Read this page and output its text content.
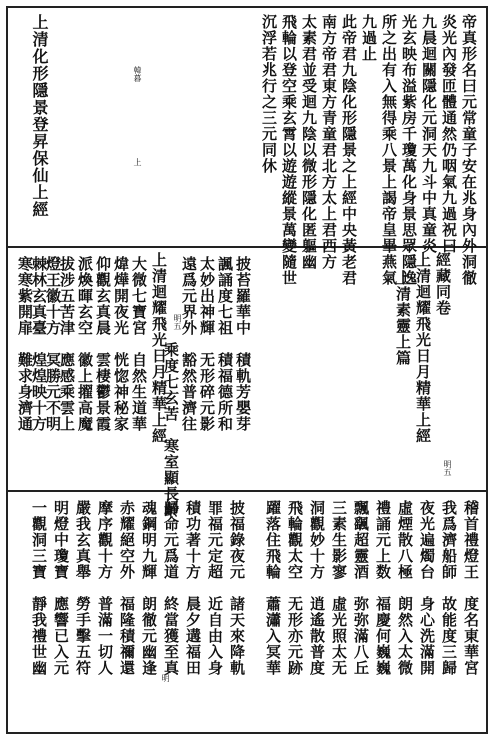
帝真形名曰元常童子安在兆身內外洞徹
炎光內發匝體通然仍咽氣九過祝曰
九晨迴關隱化元洞天九斗中真童炎
光玄映布溢紫房千瓊萬化身景思眾隱逸
所之出有入無得乘八景上謁帝皇畢燕氣
九過止
此帝君九陰化形隱景之上經中央黃老君
南方帝君東方青童君北方太上君西方
太素君並受迴九陰以微形隱化匿軀幽
飛輪以登空乘玄霄以遊遊縱景萬變隨世
沉浮若兆行之三元同休
韓暮
上
上清化形隱景登昇保仙上經
經藏同卷
上清迴耀飛光日月精華上經
上清素靈上篇
明五
上清迴耀飛光日月精華上經 明五
大微七寶宮　自然生道華
煒燁開夜光　恍惚神秘家
仰觀玄真晨　雲棲鬱景霞
派煥暉玄空　徽上擢高魔	披苔羅華中　積軌芳嬰芽
諷誦度七祖　積福德所和
太妙出神輝　无形碎元影
遠爲元界外　豁然普濟往
乘度七玄苦　寒室顯長齡
拔涉五苦津　應感乘雲上
燈王徽十方　冥勝元不明
棘林玄真臺　煌煌映十方
寒寒紫開扉　難求身濟通
稽首禮燈王　度名東華宮
我爲濟船師　故能度三歸
夜光遍燭台　身心洗滿開
虛煙散八極　朗然入太微
禮誦元上数　福慶何巍巍
飄颻超靈酒　弥弥滿八丘
三素生影寥　虛光照太无
洞觀妙十方　逍遙散普度
飛輪觀太空　无形亦元跡
躍落住飛輪　蕭瀟入冥華
披福錄夜元　諸天來降軌
罪福元定超　近自由入身
積功著十方　晨夕遘福田
歸命元爲道　終當獲至真
魂鋼明九輝　朗徹元幽逢
赤耀絕空外　福隆積禰還
摩序觀十方　普滿一切人
嚴我玄真舉　勞手擊五符
明燈中瓊寶　應響已入元
一觀洞三寶　靜我禮世幽
明
